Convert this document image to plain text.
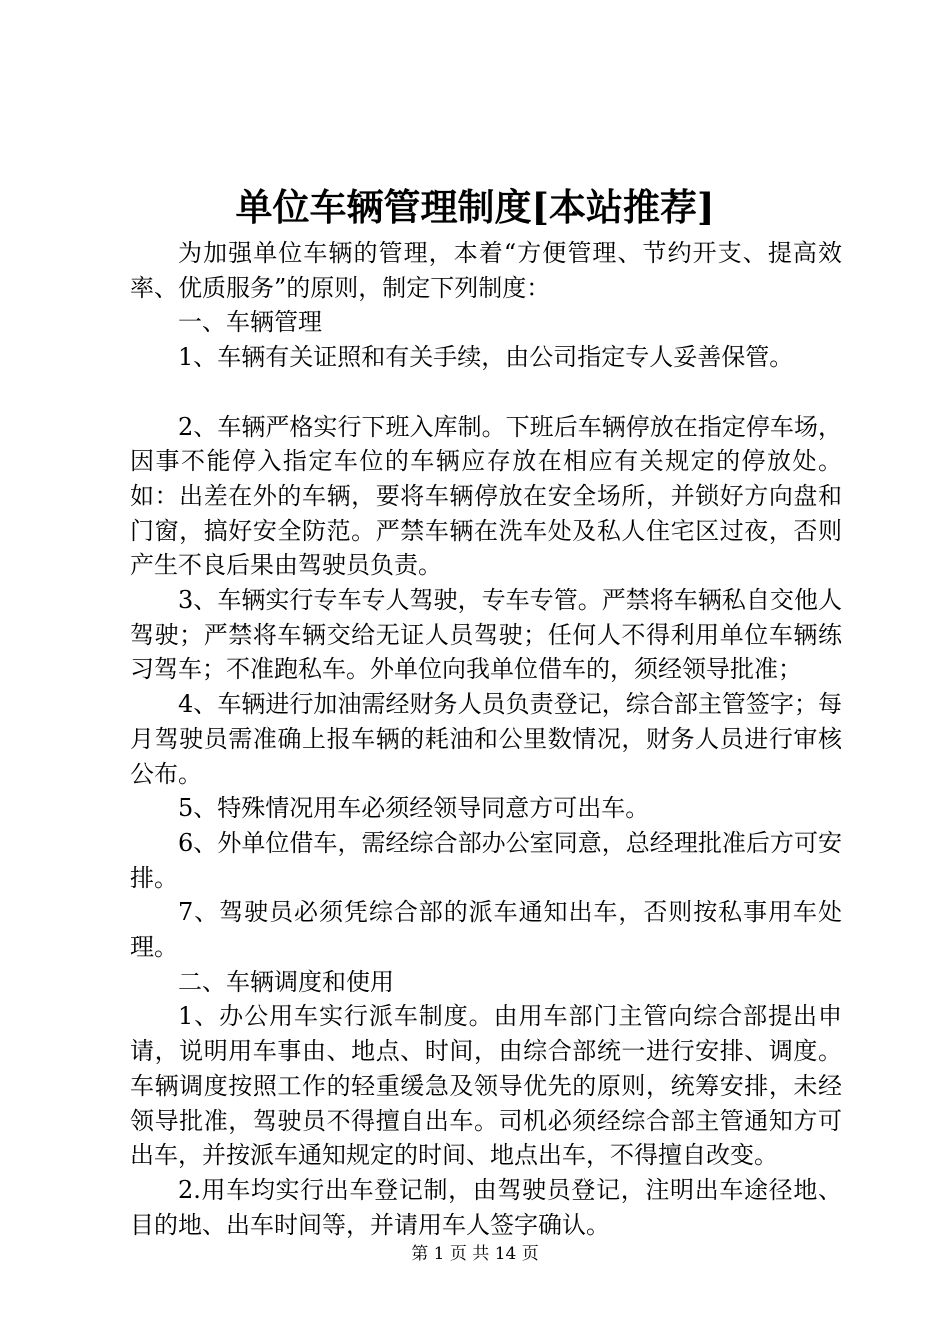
单位车辆管理制度[本站推荐]

为加强单位车辆的管理，本着“方便管理、节约开支、提高效率、优质服务”的原则，制定下列制度：

一、车辆管理

1、车辆有关证照和有关手续，由公司指定专人妥善保管。

2、车辆严格实行下班入库制。下班后车辆停放在指定停车场，因事不能停入指定车位的车辆应存放在相应有关规定的停放处。如：出差在外的车辆，要将车辆停放在安全场所，并锁好方向盘和门窗，搞好安全防范。严禁车辆在洗车处及私人住宅区过夜，否则产生不良后果由驾驶员负责。

3、车辆实行专车专人驾驶，专车专管。严禁将车辆私自交他人驾驶；严禁将车辆交给无证人员驾驶；任何人不得利用单位车辆练习驾车；不准跑私车。外单位向我单位借车的，须经领导批准；

4、车辆进行加油需经财务人员负责登记，综合部主管签字；每月驾驶员需准确上报车辆的耗油和公里数情况，财务人员进行审核公布。

5、特殊情况用车必须经领导同意方可出车。

6、外单位借车，需经综合部办公室同意，总经理批准后方可安排。

7、驾驶员必须凭综合部的派车通知出车，否则按私事用车处理。

二、车辆调度和使用

1、办公用车实行派车制度。由用车部门主管向综合部提出申请，说明用车事由、地点、时间，由综合部统一进行安排、调度。车辆调度按照工作的轻重缓急及领导优先的原则，统筹安排，未经领导批准，驾驶员不得擅自出车。司机必须经综合部主管通知方可出车，并按派车通知规定的时间、地点出车，不得擅自改变。

2.用车均实行出车登记制，由驾驶员登记，注明出车途径地、目的地、出车时间等，并请用车人签字确认。

第 1 页 共 14 页
